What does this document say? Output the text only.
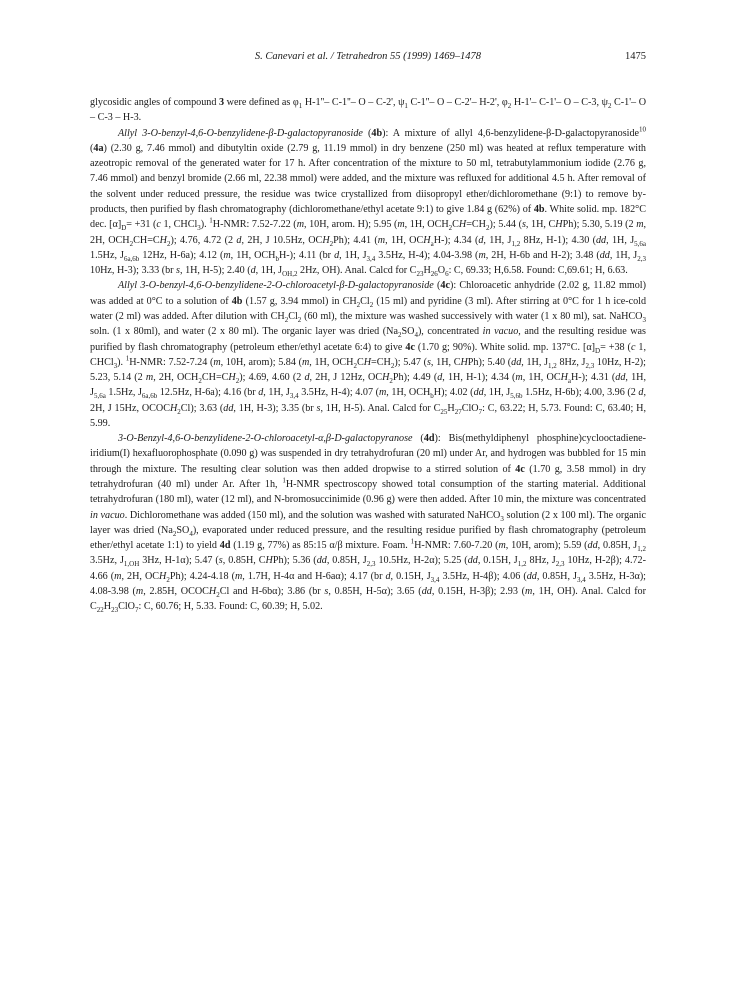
S. Canevari et al. / Tetrahedron 55 (1999) 1469–1478	1475

glycosidic angles of compound 3 were defined as $\varphi_1$ H-1''– C-1''– O – C-2', $\psi_1$ C-1''– O – C-2'– H-2', $\varphi_2$ H-1'– C-1'– O – C-3, $\psi_2$ C-1'– O – C-3 – H-3.

Allyl 3-O-benzyl-4,6-O-benzylidene-β-D-galactopyranoside (4b): A mixture of allyl 4,6-benzylidene-β-D-galactopyranoside$^{10}$ (4a) (2.30 g, 7.46 mmol) and dibutyltin oxide (2.79 g, 11.19 mmol) in dry benzene (250 ml) was heated at reflux temperature with azeotropic removal of the generated water for 17 h. After concentration of the mixture to 50 ml, tetrabutylammonium iodide (2.76 g, 7.46 mmol) and benzyl bromide (2.66 ml, 22.38 mmol) were added, and the mixture was refluxed for additional 4.5 h. After removal of the solvent under reduced pressure, the residue was twice crystallized from diisopropyl ether/dichloromethane (9:1) to remove by-products, then purified by flash chromatography (dichloromethane/ethyl acetate 9:1) to give 1.84 g (62%) of 4b. White solid. mp. 182°C dec. $[\alpha]_D= +31$ (c 1, CHCl$_3$). $^1$H-NMR: 7.52-7.22 (m, 10H, arom. H); 5.95 (m, 1H, $OCH_2CH=CH_2$); 5.44 (s, 1H, CHPh); 5.30, 5.19 (2 m, 2H, $OCH_2CH=CH_2$); 4.76, 4.72 (2 d, 2H, J 10.5Hz, $OCH_2Ph$); 4.41 (m, 1H, $OCH_aH-$); 4.34 (d, 1H, $J_{1,2}$ 8Hz, H-1); 4.30 (dd, 1H, $J_{5,6a}$ 1.5Hz, $J_{6a,6b}$ 12Hz, H-6a); 4.12 (m, 1H, $OCH_bH-$); 4.11 (br d, 1H, $J_{3,4}$ 3.5Hz, H-4); 4.04-3.98 (m, 2H, H-6b and H-2); 3.48 (dd, 1H, $J_{2,3}$ 10Hz, H-3); 3.33 (br s, 1H, H-5); 2.40 (d, 1H, $J_{OH,2}$ 2Hz, OH). Anal. Calcd for $C_{23}H_{26}O_6$: C, 69.33; H,6.58. Found: C,69.61; H, 6.63.

Allyl 3-O-benzyl-4,6-O-benzylidene-2-O-chloroacetyl-β-D-galactopyranoside (4c): Chloroacetic anhydride (2.02 g, 11.82 mmol) was added at 0°C to a solution of 4b (1.57 g, 3.94 mmol) in $CH_2Cl_2$ (15 ml) and pyridine (3 ml). After stirring at 0°C for 1 h ice-cold water (2 ml) was added. After dilution with $CH_2Cl_2$ (60 ml), the mixture was washed successively with water (1 x 80 ml), sat. NaHCO$_3$ soln. (1 x 80ml), and water (2 x 80 ml). The organic layer was dried $(Na_2SO_4)$, concentrated in vacuo, and the resulting residue was purified by flash chromatography (petroleum ether/ethyl acetate 6:4) to give 4c (1.70 g; 90%). White solid. mp. 137°C. $[\alpha]_D= +38$ (c 1, CHCl$_3$). $^1$H-NMR: 7.52-7.24 (m, 10H, arom); 5.84 (m, 1H, $OCH_2CH=CH_2$); 5.47 (s, 1H, CHPh); 5.40 (dd, 1H, $J_{1,2}$ 8Hz, $J_{2,3}$ 10Hz, H-2); 5.23, 5.14 (2 m, 2H, $OCH_2CH=CH_2$); 4.69, 4.60 (2 d, 2H, J 12Hz, $OCH_2Ph$); 4.49 (d, 1H, H-1); 4.34 (m, 1H, $OCH_aH-$); 4.31 (dd, 1H, $J_{5,6a}$ 1.5Hz, $J_{6a,6b}$ 12.5Hz, H-6a); 4.16 (br d, 1H, $J_{3,4}$ 3.5Hz, H-4); 4.07 (m, 1H, $OCH_bH$); 4.02 (dd, 1H, $J_{5,6b}$ 1.5Hz, H-6b); 4.00, 3.96 (2 d, 2H, J 15Hz, $OCOCH_2Cl$); 3.63 (dd, 1H, H-3); 3.35 (br s, 1H, H-5). Anal. Calcd for $C_{25}H_{27}ClO_7$: C, 63.22; H, 5.73. Found: C, 63.40; H, 5.99.

3-O-Benzyl-4,6-O-benzylidene-2-O-chloroacetyl-α,β-D-galactopyranose (4d): Bis(methyldiphenyl phosphine)cyclooctadiene-iridium(I) hexafluorophosphate (0.090 g) was suspended in dry tetrahydrofuran (20 ml) under Ar, and hydrogen was bubbled for 15 min through the mixture. The resulting clear solution was then added dropwise to a stirred solution of 4c (1.70 g, 3.58 mmol) in dry tetrahydrofuran (40 ml) under Ar. After 1h, $^1$H-NMR spectroscopy showed total consumption of the starting material. Additional tetrahydrofuran (180 ml), water (12 ml), and N-bromosuccinimide (0.96 g) were then added. After 10 min, the mixture was concentrated in vacuo. Dichloromethane was added (150 ml), and the solution was washed with saturated NaHCO$_3$ solution (2 x 100 ml). The organic layer was dried $(Na_2SO_4)$, evaporated under reduced pressure, and the resulting residue purified by flash chromatography (petroleum ether/ethyl acetate 1:1) to yield 4d (1.19 g, 77%) as 85:15 α/β mixture. Foam. $^1$H-NMR: 7.60-7.20 (m, 10H, arom); 5.59 (dd, 0.85H, $J_{1,2}$ 3.5Hz, $J_{1,OH}$ 3Hz, H-1α); 5.47 (s, 0.85H, CHPh); 5.36 (dd, 0.85H, $J_{2,3}$ 10.5Hz, H-2α); 5.25 (dd, 0.15H, $J_{1,2}$ 8Hz, $J_{2,3}$ 10Hz, H-2β); 4.72-4.66 (m, 2H, $OCH_2Ph$); 4.24-4.18 (m, 1.7H, H-4α and H-6aα); 4.17 (br d, 0.15H, $J_{3,4}$ 3.5Hz, H-4β); 4.06 (dd, 0.85H, $J_{3,4}$ 3.5Hz, H-3α); 4.08-3.98 (m, 2.85H, $OCOCH_2Cl$ and H-6bα); 3.86 (br s, 0.85H, H-5α); 3.65 (dd, 0.15H, H-3β); 2.93 (m, 1H, OH). Anal. Calcd for $C_{22}H_{23}ClO_7$: C, 60.76; H, 5.33. Found: C, 60.39; H, 5.02.
